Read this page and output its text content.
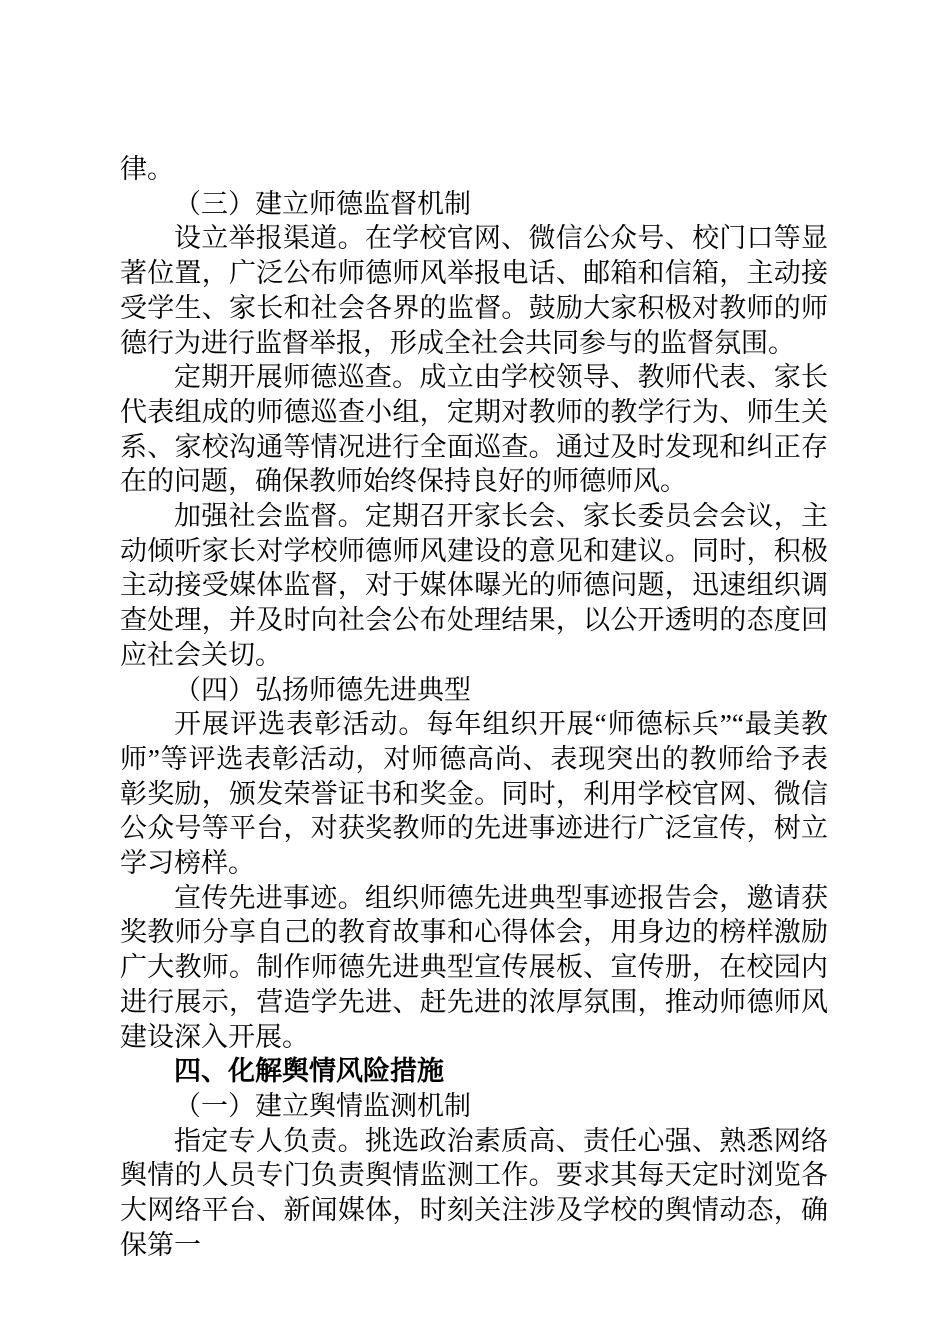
律。

（三）建立师德监督机制

设立举报渠道。在学校官网、微信公众号、校门口等显著位置，广泛公布师德师风举报电话、邮箱和信箱，主动接受学生、家长和社会各界的监督。鼓励大家积极对教师的师德行为进行监督举报，形成全社会共同参与的监督氛围。

定期开展师德巡查。成立由学校领导、教师代表、家长代表组成的师德巡查小组，定期对教师的教学行为、师生关系、家校沟通等情况进行全面巡查。通过及时发现和纠正存在的问题，确保教师始终保持良好的师德师风。

加强社会监督。定期召开家长会、家长委员会会议，主动倾听家长对学校师德师风建设的意见和建议。同时，积极主动接受媒体监督，对于媒体曝光的师德问题，迅速组织调查处理，并及时向社会公布处理结果，以公开透明的态度回应社会关切。

（四）弘扬师德先进典型

开展评选表彰活动。每年组织开展“师德标兵”“最美教师”等评选表彰活动，对师德高尚、表现突出的教师给予表彰奖励，颁发荣誉证书和奖金。同时，利用学校官网、微信公众号等平台，对获奖教师的先进事迹进行广泛宣传，树立学习榜样。

宣传先进事迹。组织师德先进典型事迹报告会，邀请获奖教师分享自己的教育故事和心得体会，用身边的榜样激励广大教师。制作师德先进典型宣传展板、宣传册，在校园内进行展示，营造学先进、赶先进的浓厚氛围，推动师德师风建设深入开展。

四、化解舆情风险措施

（一）建立舆情监测机制

指定专人负责。挑选政治素质高、责任心强、熟悉网络舆情的人员专门负责舆情监测工作。要求其每天定时浏览各大网络平台、新闻媒体，时刻关注涉及学校的舆情动态，确保第一
